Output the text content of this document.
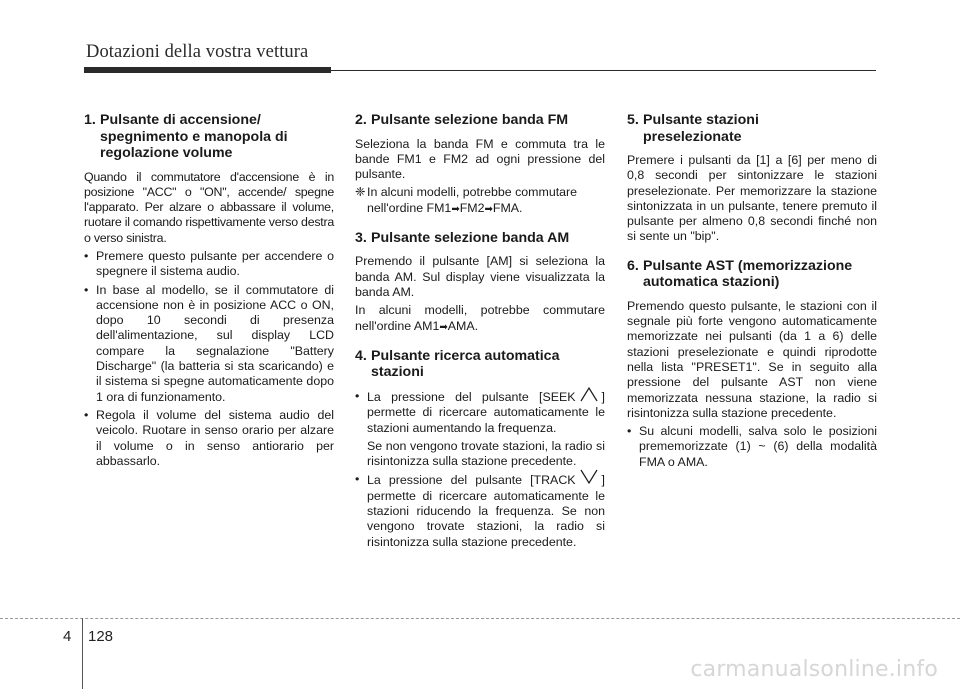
Dotazioni della vostra vettura
1. Pulsante di accensione/
spegnimento e manopola di regolazione volume

Quando il commutatore d'accensione è in posizione "ACC" o "ON", accende/ spegne l'apparato. Per alzare o abbassare il volume, ruotare il comando rispettivamente verso destra o verso sinistra.

• Premere questo pulsante per accendere o spegnere il sistema audio.
• In base al modello, se il commutatore di accensione non è in posizione ACC o ON, dopo 10 secondi di presenza dell'alimentazione, sul display LCD compare la segnalazione "Battery Discharge" (la batteria si sta scaricando) e il sistema si spegne automaticamente dopo 1 ora di funzionamento.
• Regola il volume del sistema audio del veicolo. Ruotare in senso orario per alzare il volume o in senso antiorario per abbassarlo.
2. Pulsante selezione banda FM

Seleziona la banda FM e commuta tra le bande FM1 e FM2 ad ogni pressione del pulsante.

❈ In alcuni modelli, potrebbe commutare nell'ordine FM1➡FM2➡FMA.
3. Pulsante selezione banda AM

Premendo il pulsante [AM] si seleziona la banda AM. Sul display viene visualizzata la banda AM.

In alcuni modelli, potrebbe commutare nell'ordine AM1➡AMA.

4. Pulsante ricerca automatica
stazioni
• La pressione del pulsante [SEEK ] permette di ricercare automaticamente le stazioni aumentando la frequenza.

Se non vengono trovate stazioni, la radio si risintonizza sulla stazione precedente.

• La pressione del pulsante [TRACK ] permette di ricercare automaticamente le stazioni riducendo la frequenza. Se non vengono trovate stazioni, la radio si risintonizza sulla stazione precedente.
5. Pulsante stazioni
preselezionate

Premere i pulsanti da [1] a [6] per meno di 0,8 secondi per sintonizzare le stazioni preselezionate. Per memorizzare la stazione sintonizzata in un pulsante, tenere premuto il pulsante per almeno 0,8 secondi finché non si sente un "bip".

6. Pulsante AST (memorizzazione
automatica stazioni)

Premendo questo pulsante, le stazioni con il segnale più forte vengono automaticamente memorizzate nei pulsanti (da 1 a 6) delle stazioni preselezionate e quindi riprodotte nella lista "PRESET1". Se in seguito alla pressione del pulsante AST non viene memorizzata nessuna stazione, la radio si risintonizza sulla stazione precedente.

• Su alcuni modelli, salva solo le posizioni prememorizzate (1) ~ (6) della modalità FMA o AMA.
4 128
carmanualsonline.info
